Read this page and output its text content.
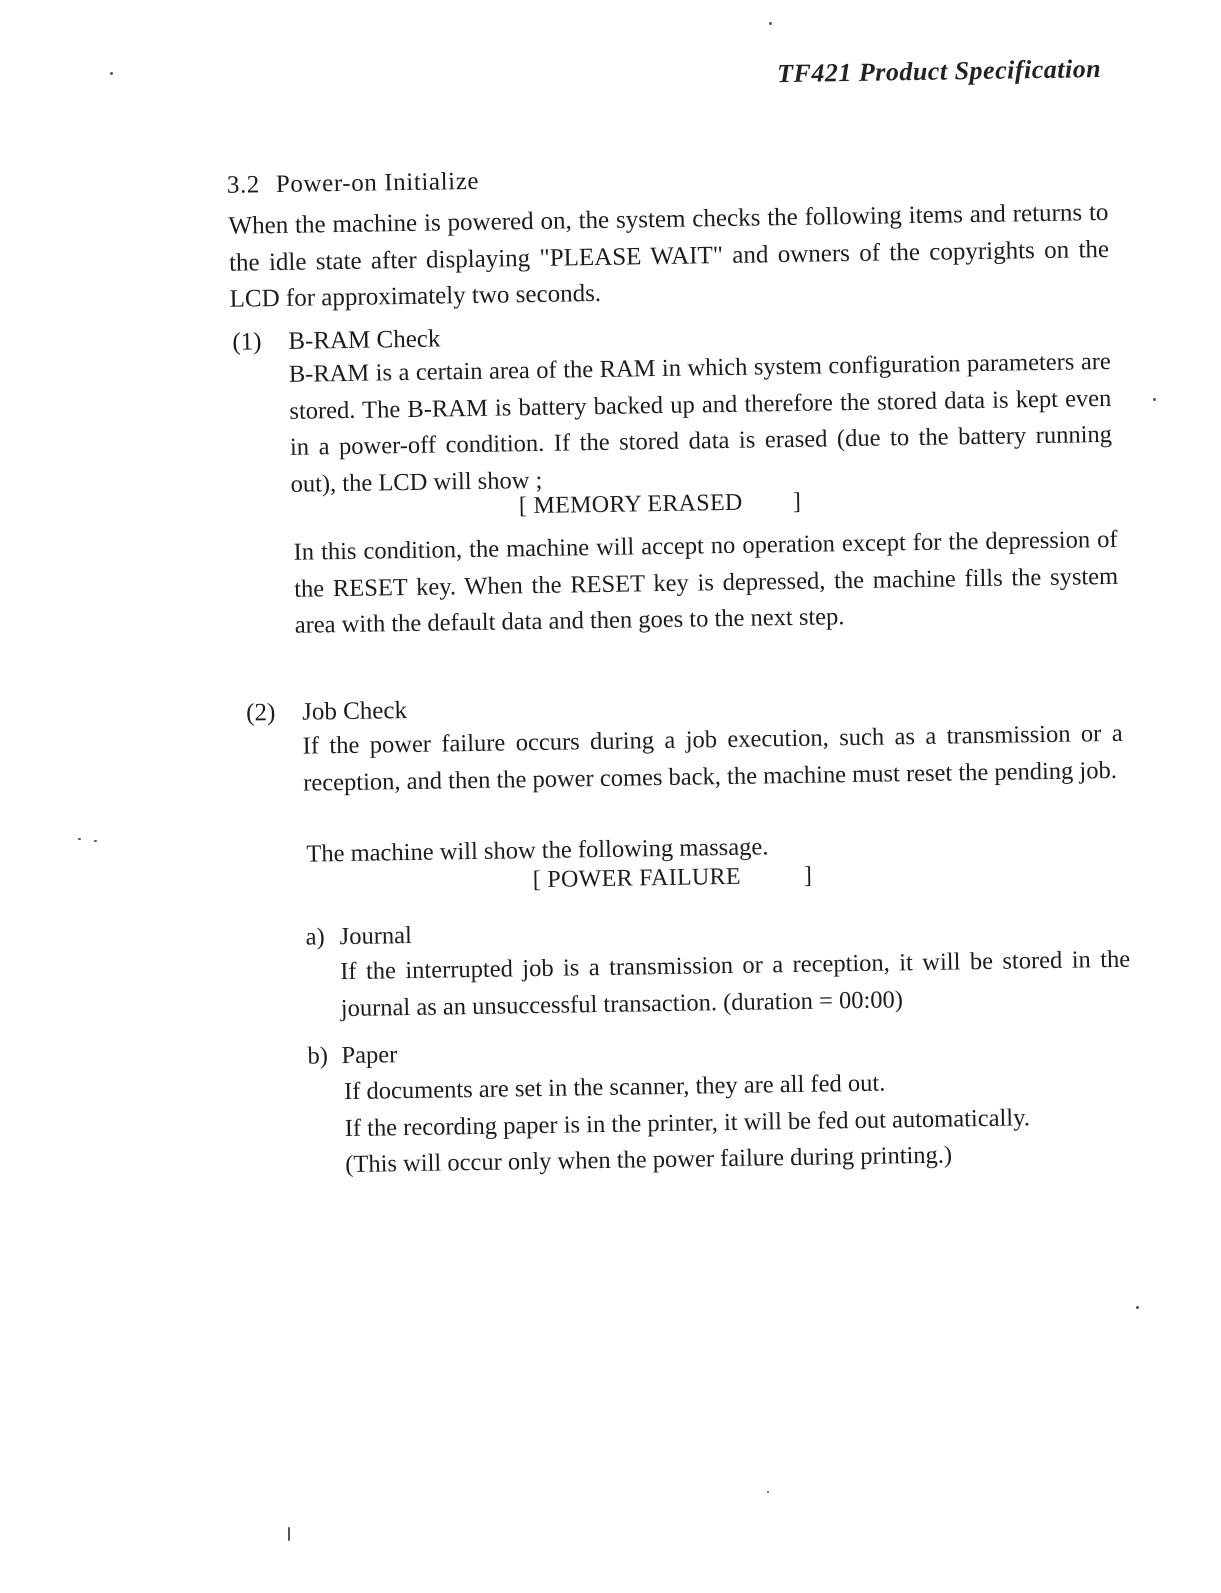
TF421 Product Specification
3.2 Power-on Initialize
When the machine is powered on, the system checks the following items and returns to the idle state after displaying "PLEASE WAIT" and owners of the copyrights on the LCD for approximately two seconds.
(1) B-RAM Check
B-RAM is a certain area of the RAM in which system configuration parameters are stored. The B-RAM is battery backed up and therefore the stored data is kept even in a power-off condition. If the stored data is erased (due to the battery running out), the LCD will show ;
[ MEMORY ERASED        ]
In this condition, the machine will accept no operation except for the depression of the RESET key. When the RESET key is depressed, the machine fills the system area with the default data and then goes to the next step.
(2) Job Check
If the power failure occurs during a job execution, such as a transmission or a reception, and then the power comes back, the machine must reset the pending job.
The machine will show the following massage.
[ POWER FAILURE          ]
a) Journal
If the interrupted job is a transmission or a reception, it will be stored in the journal as an unsuccessful transaction. (duration = 00:00)
b) Paper
If documents are set in the scanner, they are all fed out.
If the recording paper is in the printer, it will be fed out automatically.
(This will occur only when the power failure during printing.)
